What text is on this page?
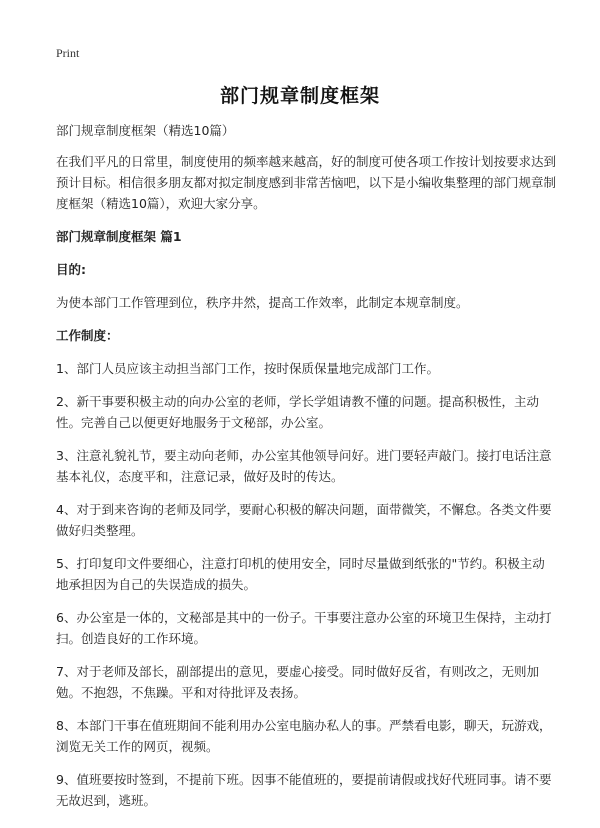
Print
部门规章制度框架
部门规章制度框架（精选10篇）
在我们平凡的日常里，制度使用的频率越来越高，好的制度可使各项工作按计划按要求达到预计目标。相信很多朋友都对拟定制度感到非常苦恼吧，以下是小编收集整理的部门规章制度框架（精选10篇），欢迎大家分享。
部门规章制度框架 篇1
目的:
为使本部门工作管理到位，秩序井然，提高工作效率，此制定本规章制度。
工作制度：
1、部门人员应该主动担当部门工作，按时保质保量地完成部门工作。
2、新干事要积极主动的向办公室的老师，学长学姐请教不懂的问题。提高积极性，主动性。完善自己以便更好地服务于文秘部，办公室。
3、注意礼貌礼节，要主动向老师，办公室其他领导问好。进门要轻声敲门。接打电话注意基本礼仪，态度平和，注意记录，做好及时的传达。
4、对于到来咨询的老师及同学，要耐心积极的解决问题，面带微笑，不懈怠。各类文件要做好归类整理。
5、打印复印文件要细心，注意打印机的使用安全，同时尽量做到纸张的"节约。积极主动地承担因为自己的失误造成的损失。
6、办公室是一体的，文秘部是其中的一份子。干事要注意办公室的环境卫生保持，主动打扫。创造良好的工作环境。
7、对于老师及部长，副部提出的意见，要虚心接受。同时做好反省，有则改之，无则加勉。不抱怨，不焦躁。平和对待批评及表扬。
8、本部门干事在值班期间不能利用办公室电脑办私人的事。严禁看电影，聊天，玩游戏，浏览无关工作的网页，视频。
9、值班要按时签到，不提前下班。因事不能值班的，要提前请假或找好代班同事。请不要无故迟到，逃班。
